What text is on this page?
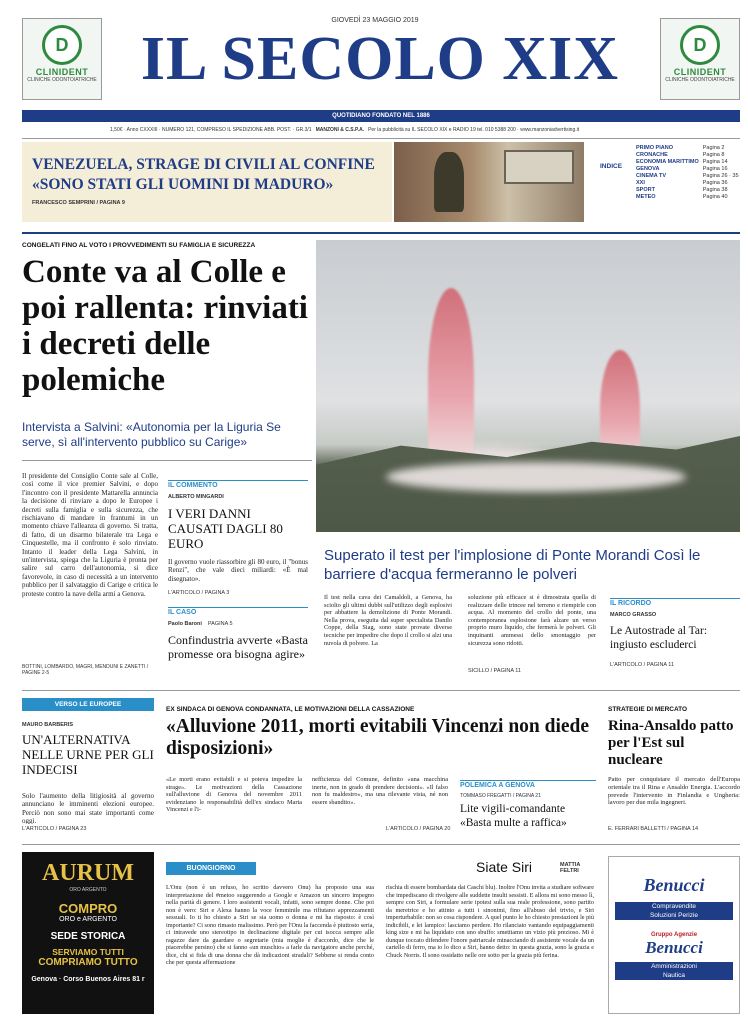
D
CLINIDENT
CLINICHE ODONTOIATRICHE
D
CLINIDENT
CLINICHE ODONTOIATRICHE
GIOVEDÌ 23 MAGGIO 2019
IL SECOLO XIX
QUOTIDIANO FONDATO NEL 1886
1,50€ · Anno CXXXIII · NUMERO 121, COMPRESO IL SPEDIZIONE ABB. POST. · GR.3/1 MANZONI & C.S.P.A. Per la pubblicità su IL SECOLO XIX e RADIO 19 tel. 010 5388 200 · www.manzoniadvertising.it
VENEZUELA, STRAGE DI CIVILI AL CONFINE
«SONO STATI GLI UOMINI DI MADURO»
FRANCESCO SEMPRINI / PAGINA 9
INDICE
PRIMO PIANO	Pagina 2
CRONACHE	Pagina 8
ECONOMIA MARITTIMO	Pagina 14
GENOVA	Pagina 16
CINEMA TV	Pagina 26 · 35
XXI	Pagina 36
SPORT	Pagina 38
METEO	Pagina 40
CONGELATI FINO AL VOTO I PROVVEDIMENTI SU FAMIGLIA E SICUREZZA
Conte va al Colle e poi rallenta: rinviati i decreti delle polemiche
Intervista a Salvini: «Autonomia per la Liguria Se serve, sì all'intervento pubblico su Carige»
Il presidente del Consiglio Conte sale al Colle, così come il vice premier Salvini, e dopo l'incontro con il presidente Mattarella annuncia la decisione di rinviare a dopo le Europee i decreti sulla famiglia e sulla sicurezza, che rischiavano di mandare in frantumi in un momento chiave l'alleanza di governo. Si tratta, di fatto, di un disarmo bilaterale tra Lega e Cinquestelle, ma il confronto è solo rinviato. Intanto il leader della Lega Salvini, in un'intervista, spiega che la Liguria è pronta per salire sul carro dell'autonomia, si dice favorevole, in caso di necessità a un intervento pubblico per il salvataggio di Carige e critica le proteste contro la nave della armi a Genova.
BOTTINI, LOMBARDO, MAGRI, MENDUNI E ZANETTI / PAGINE 2-5
IL COMMENTO
ALBERTO MINGARDI
I VERI DANNI CAUSATI DAGLI 80 EURO
Il governo vuole riassorbire gli 80 euro, il "bonus Renzi", che vale dieci miliardi: «È mal disegnato».
L'ARTICOLO / PAGINA 3
IL CASO
Paolo Baroni PAGINA 5
Confindustria avverte «Basta promesse ora bisogna agire»
Superato il test per l'implosione di Ponte Morandi Così le barriere d'acqua fermeranno le polveri
Il test nella cava dei Camaldoli, a Genova, ha sciolto gli ultimi dubbi sull'utilizzo degli esplosivi per abbattere la demolizione di Ponte Morandi. Nella prova, eseguita dal super specialista Danilo Coppe, della Siag, sono state provate diverse tecniche per impedire che dopo il crollo si alzi una nuvola di polvere. La
soluzione più efficace si è dimostrata quella di realizzare delle trincee nel terreno e riempirle con acqua. Al momento del crollo del ponte, una contemporanea esplosione farà alzare un verso proprio muro liquido, che fermerà le polveri. Gli inquinanti ammessi dello smontaggio per sicurezza sono ridotti.
SICILLO / PAGINA 11
IL RICORDO
MARCO GRASSO
Le Autostrade al Tar: ingiusto escluderci
L'ARTICOLO / PAGINA 11
VERSO LE EUROPEE
MAURO BARBERIS
UN'ALTERNATIVA NELLE URNE PER GLI INDECISI
Solo l'aumento della litigiosità al governo annunciano le imminenti elezioni europee. Perciò non sono mai state importanti come oggi.
L'ARTICOLO / PAGINA 23
EX SINDACA DI GENOVA CONDANNATA, LE MOTIVAZIONI DELLA CASSAZIONE
«Alluvione 2011, morti evitabili Vincenzi non diede disposizioni»
«Le morti erano evitabili e si poteva impedire la strage». Le motivazioni della Cassazione sull'alluvione di Genova del novembre 2011 evidenziano le responsabilità dell'ex sindaco Marta Vincenzi e l'i-
nefficienza del Comune, definito «una macchina inerte, non in grado di prendere decisioni». «Il falso non fu maldestro», ma una rilevante vista, né non essere sbandito».
L'ARTICOLO / PAGINA 20
POLEMICA A GENOVA
TOMMASO FREGATTI / PAGINA 21
Lite vigili-comandante «Basta multe a raffica»
STRATEGIE DI MERCATO
Rina-Ansaldo patto per l'Est sul nucleare
Patto per conquistare il mercato dell'Europa orientale tra il Rina e Ansaldo Energia. L'accordo prevede l'intervento in Finlandia e Ungheria: lavoro per due mila ingegneri.
E. FERRARI BALLETTI / PAGINA 14
AURUM
ORO ARGENTO
COMPRO
ORO e ARGENTO
SEDE STORICA
SERVIAMO TUTTI
COMPRIAMO TUTTO
Genova · Corso Buenos Aires 81 r
BUONGIORNO	Siate Siri	MATTIA FELTRI
L'Onu (non è un refuso, ho scritto davvero Onu) ha proposto una sua interpretazione del #metoo suggerendo a Google e Amazon un sincero impegno nella parità di genere. I loro assistenti vocali, infatti, sono sempre donne. Che poi non è vero: Siri e Alexa hanno la voce femminile ma rifiutano apprezzamenti sessuali. Io ti ho chiesto a Siri se sia uomo o donna e mi ha risposto: è così importante? Ci sono rimasto malissimo. Però per l'Onu la faccenda è piuttosto seria, ci intravede uno stereotipo in declinazione digitale per cui isocca sempre alle ragazze dare da guardare o segretarie (mia moglie è d'accordo, dice che le piacerebbe persino) che si fanno «un muschio» a farle da navigatore anche perché, dice, chi si fida di una donna che dà indicazioni stradali? Sebbene si renda conto che per questa affermazione
rischia di essere bombardata dai Caschi blu). Inoltre l'Onu invita a studiare software che impediscano di rivolgere alle suddette insulti sessisti. E allora mi sono messo lì, sempre con Siri, a formulare serie ipotesi sulla sua reale professione, sono partito da meretrice e ho attinto a tutti i sinonimi, fino all'abuso del trivio, e Siri imperturbabile: non so cosa rispondere. A quel punto le ho chiesto prestazioni le più indicibili, e lei lampico: lasciamo perdere. Ho rilanciato vantando equipaggiamenti king size e mi ha liquidato con uno sbuffo: smettiamo un vizio più prezioso. Mi è dunque toccato difendere l'onore patriarcale minacciando di assistente vocale da un cartello di ferro, ma io lo dico a Siri, hanno detto: in questa grazia, sono la grazia e Chuck Norris. Il sono ossidatto nelle ore sotto per la grazia più ferina.
Benucci
Compravendite
Soluzioni Perizie
Gruppo Agenzie
Benucci
Amministrazioni
Nautica
